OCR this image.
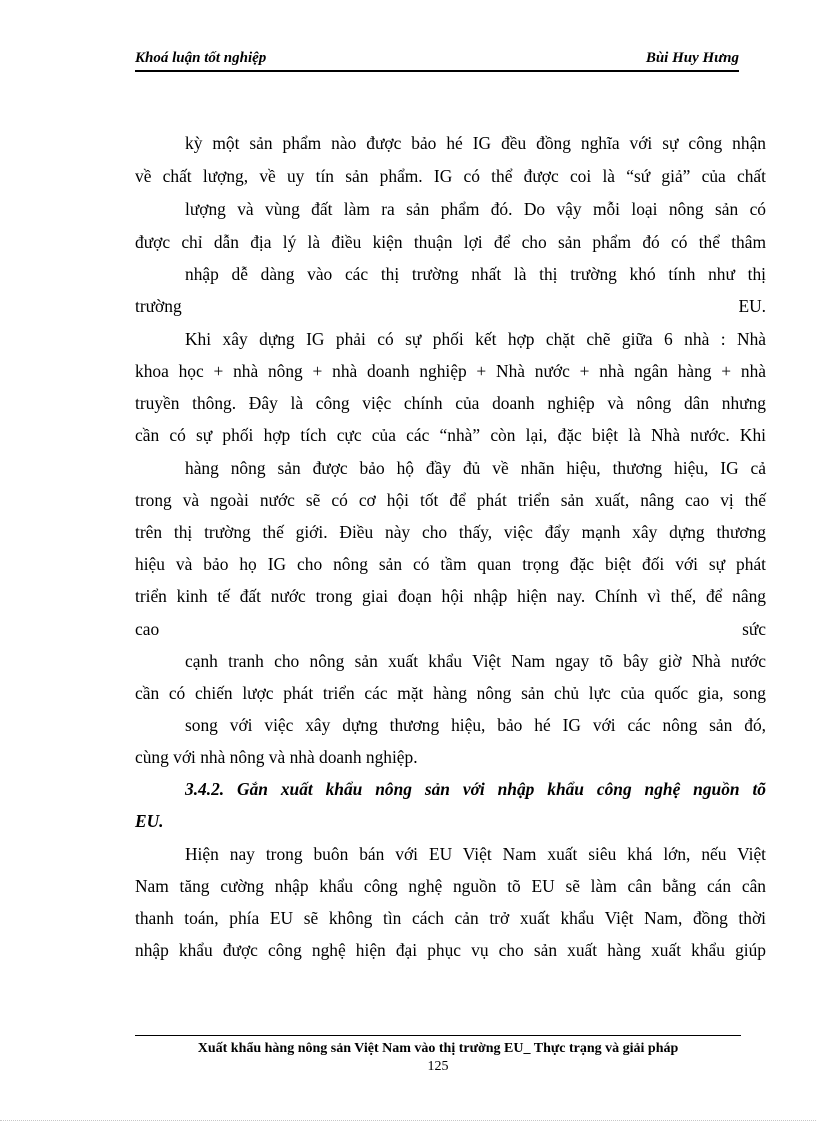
Khoá luận tốt nghiệp	Bùi Huy Hưng
kỳ một sản phẩm nào được bảo hé IG đều đồng nghĩa với sự công nhận
về chất lượng, về uy tín sản phẩm. IG có thể được coi là “sứ giả” của chất
lượng và vùng đất làm ra sản phẩm đó. Do vậy mỗi loại nông sản có
được chỉ dẫn địa lý là điều kiện thuận lợi để cho sản phẩm đó có thể thâm
nhập dễ dàng vào các thị trường nhất là thị trường khó tính như thị
trường	EU.
Khi xây dựng IG phải có sự phối kết hợp chặt chẽ giữa 6 nhà : Nhà
khoa học + nhà nông + nhà doanh nghiệp + Nhà nước + nhà ngân hàng + nhà
truyền thông. Đây là công việc chính của doanh nghiệp và nông dân nhưng
cần có sự phối hợp tích cực của các “nhà” còn lại, đặc biệt là Nhà nước. Khi
hàng nông sản được bảo hộ đầy đủ về nhãn hiệu, thương hiệu, IG cả
trong và ngoài nước sẽ có cơ hội tốt để phát triển sản xuất, nâng cao vị thế
trên thị trường thế giới. Điều này cho thấy, việc đẩy mạnh xây dựng thương
hiệu và bảo họ IG cho nông sản có tầm quan trọng đặc biệt đối với sự phát
triển kinh tế đất nước trong giai đoạn hội nhập hiện nay. Chính vì thế, để nâng
cao	sức
cạnh tranh cho nông sản xuất khẩu Việt Nam ngay tõ bây giờ Nhà nước
cần có chiến lược phát triển các mặt hàng nông sản chủ lực của quốc gia, song
song với việc xây dựng thương hiệu, bảo hé IG với các nông sản đó,
cùng với nhà nông và nhà doanh nghiệp.
3.4.2. Gắn xuất khẩu nông sản với nhập khẩu công nghệ nguồn tõ
EU.
Hiện nay trong buôn bán với EU Việt Nam xuất siêu khá lớn, nếu Việt
Nam tăng cường nhập khẩu công nghệ nguồn tõ EU sẽ làm cân bằng cán cân
thanh toán, phía EU sẽ không tìn cách cản trở xuất khẩu Việt Nam, đồng thời
nhập khẩu được công nghệ hiện đại phục vụ cho sản xuất hàng xuất khẩu giúp
Xuất khẩu hàng nông sản Việt Nam vào thị trường EU_ Thực trạng và giải pháp
125
